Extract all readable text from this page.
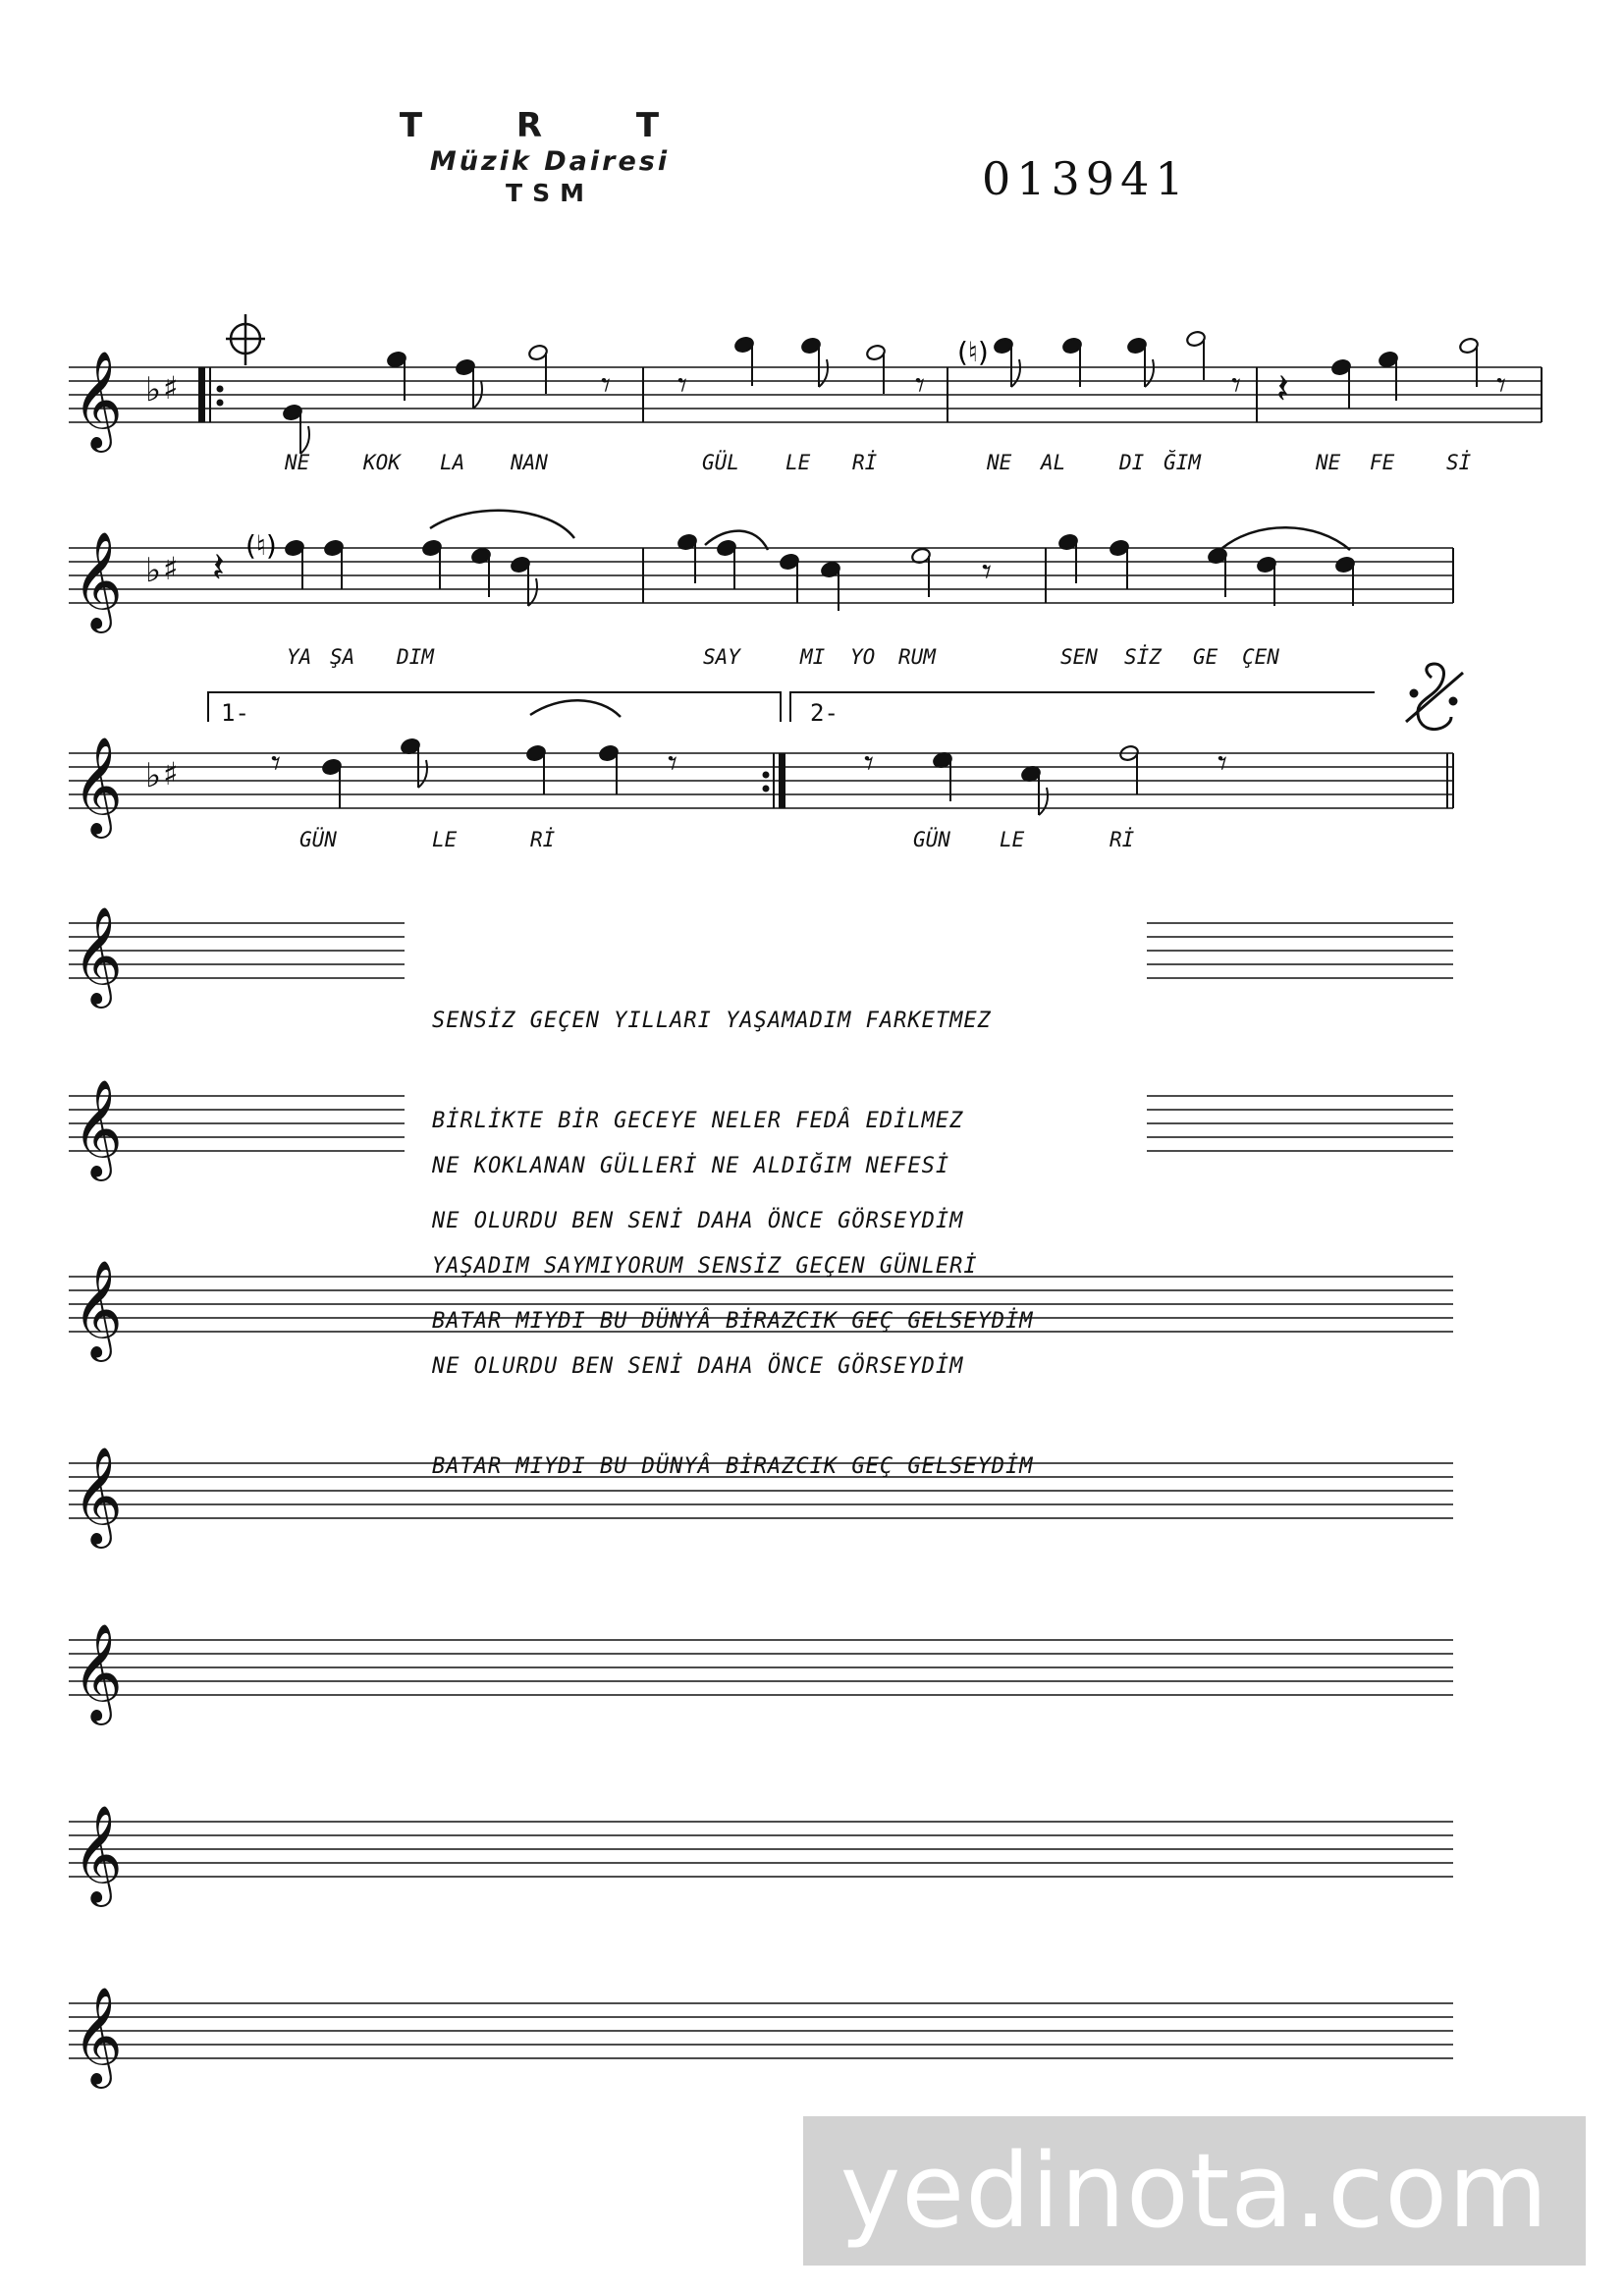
T R T
Müzik Dairesi
TSM	013941
𝄞 ♭ ♯
𝄞 ♭ ♯
𝄞 ♭ ♯
𝄞
𝄞
𝄞
𝄞
𝄞
𝄞
𝄞
𝄾 𝄾	𝄾	𝄾 𝄽	𝄾
𝄽	𝄾
𝄾	𝄾	𝄾	𝄾
NE	KOK LA NAN	GÜL LE Rİ	NE AL	DI ĞIM	NE FE	Sİ
YA ŞA DIM	SAY	MI YO RUM	SEN SİZ GE ÇEN
GÜN	LE	Rİ	GÜN LE	Rİ
1-	2-
(♮)
(♮)

SENSİZ GEÇEN YILLARI YAŞAMADIM FARKETMEZ

BİRLİKTE BİR GECEYE NELER FEDÂ EDİLMEZ

NE OLURDU BEN SENİ DAHA ÖNCE GÖRSEYDİM

BATAR MIYDI BU DÜNYÂ BİRAZCIK GEÇ GELSEYDİM

NE KOKLANAN GÜLLERİ NE ALDIĞIM NEFESİ

YAŞADIM SAYMIYORUM SENSİZ GEÇEN GÜNLERİ

NE OLURDU BEN SENİ DAHA ÖNCE GÖRSEYDİM

BATAR MIYDI BU DÜNYÂ BİRAZCIK GEÇ GELSEYDİM

yedinota.com
